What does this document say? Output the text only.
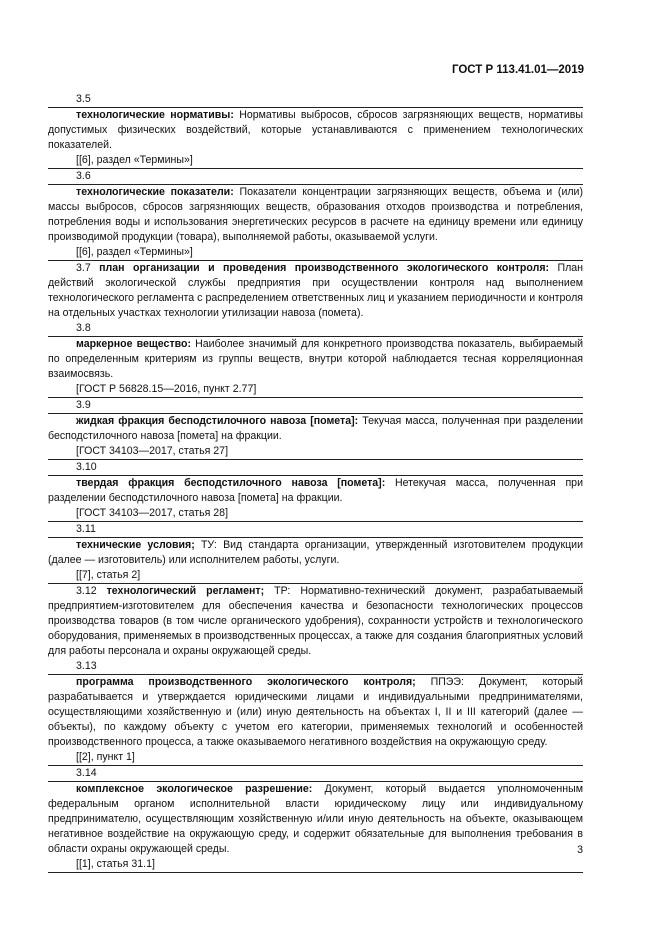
ГОСТ Р 113.41.01—2019
3.5

технологические нормативы: Нормативы выбросов, сбросов загрязняющих веществ, нормативы допустимых физических воздействий, которые устанавливаются с применением технологических показателей.

[[6], раздел «Термины»]
3.6

технологические показатели: Показатели концентрации загрязняющих веществ, объема и (или) массы выбросов, сбросов загрязняющих веществ, образования отходов производства и потребления, потребления воды и использования энергетических ресурсов в расчете на единицу времени или единицу производимой продукции (товара), выполняемой работы, оказываемой услуги.

[[6], раздел «Термины»]

3.7 план организации и проведения производственного экологического контроля: План действий экологической службы предприятия при осуществлении контроля над выполнением технологического регламента с распределением ответственных лиц и указанием периодичности и контроля на отдельных участках технологии утилизации навоза (помета).

3.8

маркерное вещество: Наиболее значимый для конкретного производства показатель, выбираемый по определенным критериям из группы веществ, внутри которой наблюдается тесная корреляционная взаимосвязь.

[ГОСТ Р 56828.15—2016, пункт 2.77]
3.9

жидкая фракция бесподстилочного навоза [помета]: Текучая масса, полученная при разделении бесподстилочного навоза [помета] на фракции.

[ГОСТ 34103—2017, статья 27]
3.10

твердая фракция бесподстилочного навоза [помета]: Нетекучая масса, полученная при разделении бесподстилочного навоза [помета] на фракции.

[ГОСТ 34103—2017, статья 28]
3.11

технические условия; ТУ: Вид стандарта организации, утвержденный изготовителем продукции (далее — изготовитель) или исполнителем работы, услуги.

[[7], статья 2]

3.12 технологический регламент; ТР: Нормативно-технический документ, разрабатываемый предприятием-изготовителем для обеспечения качества и безопасности технологических процессов производства товаров (в том числе органического удобрения), сохранности устройств и технологического оборудования, применяемых в производственных процессах, а также для создания благоприятных условий для работы персонала и охраны окружающей среды.

3.13

программа производственного экологического контроля; ППЭЭ: Документ, который разрабатывается и утверждается юридическими лицами и индивидуальными предпринимателями, осуществляющими хозяйственную и (или) иную деятельность на объектах I, II и III категорий (далее — объекты), по каждому объекту с учетом его категории, применяемых технологий и особенностей производственного процесса, а также оказываемого негативного воздействия на окружающую среду.

[[2], пункт 1]
3.14

комплексное экологическое разрешение: Документ, который выдается уполномоченным федеральным органом исполнительной власти юридическому лицу или индивидуальному предпринимателю, осуществляющим хозяйственную и/или иную деятельность на объекте, оказывающем негативное воздействие на окружающую среду, и содержит обязательные для выполнения требования в области охраны окружающей среды.

[[1], статья 31.1]
3
